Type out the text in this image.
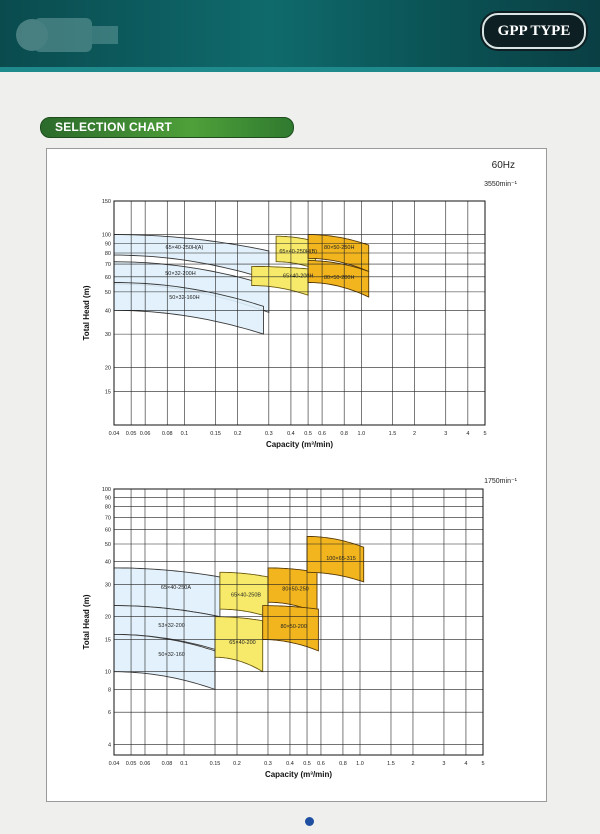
GPP TYPE
SELECTION CHART
0.04 0.05 0.06 0.08 0.1	0.15 0.2	0.3	0.4 0.5 0.6	0.8 1.0	1.5	2	3	4	5
150
100
90
80
70
60
50
40
30
20
15
65×40-250H(A)
50×32-200H
50×32-160H
65×40-250H(B)
65×40-200H
80×50-250H
80×50-200H
Capacity (m³/min)
Total Head (m)
60Hz
3550min⁻¹
0.04 0.05 0.06 0.08 0.1	0.15 0.2	0.3	0.4 0.5 0.6	0.8 1.0	1.5	2	3	4	5
100
90
80
70
60
50
40
30
20
15
10
8
6
4
65×40-250A
53×32-200
50×32-160
65×40-250B
65×40-200
80×50-250
80×50-200
100×65-315
Capacity (m³/min)
Total Head (m)
1750min⁻¹
